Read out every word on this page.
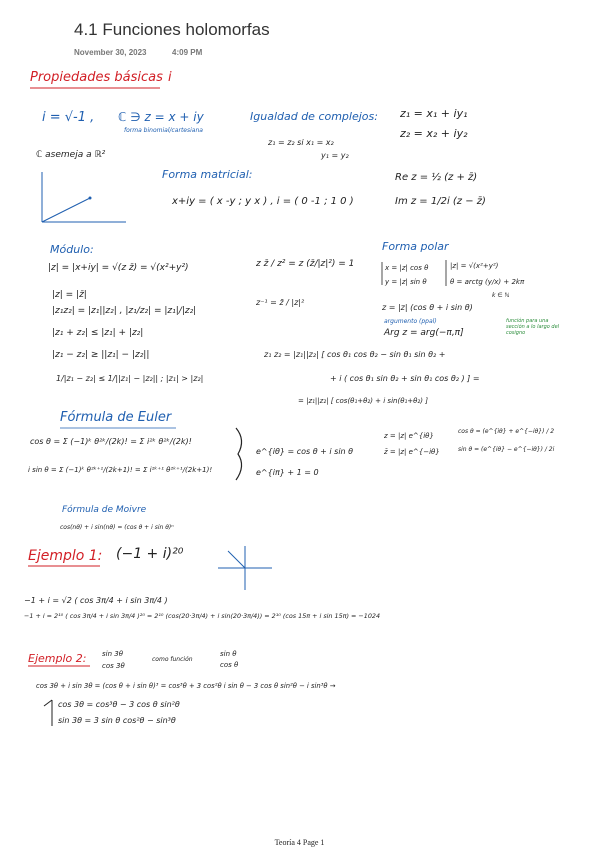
4.1 Funciones holomorfas
November 30, 2023	4:09 PM
Propiedades básicas i
i = √-1 , ℂ ∋ z = x + iy
forma binomial/cartesiana
Igualdad de complejos: z₁ = x₁ + iy₁
z₂ = x₂ + iy₂
z₁ = z₂ si x₁ = x₂
y₁ = y₂
ℂ asemeja a ℝ²
Forma matricial:
x+iy = ( x -y ; y x ) , i = ( 0 -1 ; 1 0 )
Re z = ½ (z + z̄)
Im z = 1/2i (z − z̄)
Módulo:
|z| = |x+iy| = √(z z̄) = √(x²+y²)	z z̄ / z² = z (z̄/|z|²) = 1
Forma polar
x = |z| cos θ
y = |z| sin θ
|z| = √(x²+y²)
θ = arctg (y/x) + 2kπ
k ∈ ℕ
z = |z| (cos θ + i sin θ)
argumento (ppal)
Arg z = arg(−π,π]
función para una sección a lo largo del cosigno
|z| = |z̄|
|z₁z₂| = |z₁||z₂| , |z₁/z₂| = |z₁|/|z₂|
z⁻¹ = z̄ / |z|²
|z₁ + z₂| ≤ |z₁| + |z₂|
|z₁ − z₂| ≥ ||z₁| − |z₂||
1/|z₁ − z₂| ≤ 1/||z₁| − |z₂|| ; |z₁| > |z₂|
z₁ z₂ = |z₁||z₂| [ cos θ₁ cos θ₂ − sin θ₁ sin θ₂ +
+ i ( cos θ₁ sin θ₂ + sin θ₁ cos θ₂ ) ] =
= |z₁||z₂| [ cos(θ₁+θ₂) + i sin(θ₁+θ₂) ]
Fórmula de Euler
cos θ = Σ (−1)ᵏ θ²ᵏ/(2k)! = Σ i²ᵏ θ²ᵏ/(2k)!
i sin θ = Σ (−1)ᵏ θ²ᵏ⁺¹/(2k+1)! = Σ i²ᵏ⁺¹ θ²ᵏ⁺¹/(2k+1)!
e^{iθ} = cos θ + i sin θ
e^{iπ} + 1 = 0
z = |z| e^{iθ}
z̄ = |z| e^{−iθ}
cos θ = (e^{iθ} + e^{−iθ}) / 2
sin θ = (e^{iθ} − e^{−iθ}) / 2i
Fórmula de Moivre
cos(nθ) + i sin(nθ) = (cos θ + i sin θ)ⁿ
Ejemplo 1: (−1 + i)²⁰
−1 + i = √2 ( cos 3π/4 + i sin 3π/4 )
−1 + i = 2¹⁰ ( cos 3π/4 + i sin 3π/4 )²⁰ = 2¹⁰ (cos(20·3π/4) + i sin(20·3π/4)) = 2¹⁰ (cos 15π + i sin 15π) = −1024
Ejemplo 2: sin 3θ
cos 3θ
como función
sin θ
cos θ
cos 3θ + i sin 3θ = (cos θ + i sin θ)³ = cos³θ + 3 cos²θ i sin θ − 3 cos θ sin²θ − i sin³θ →
cos 3θ = cos³θ − 3 cos θ sin²θ
sin 3θ = 3 sin θ cos²θ − sin³θ
Teoría 4 Page 1
